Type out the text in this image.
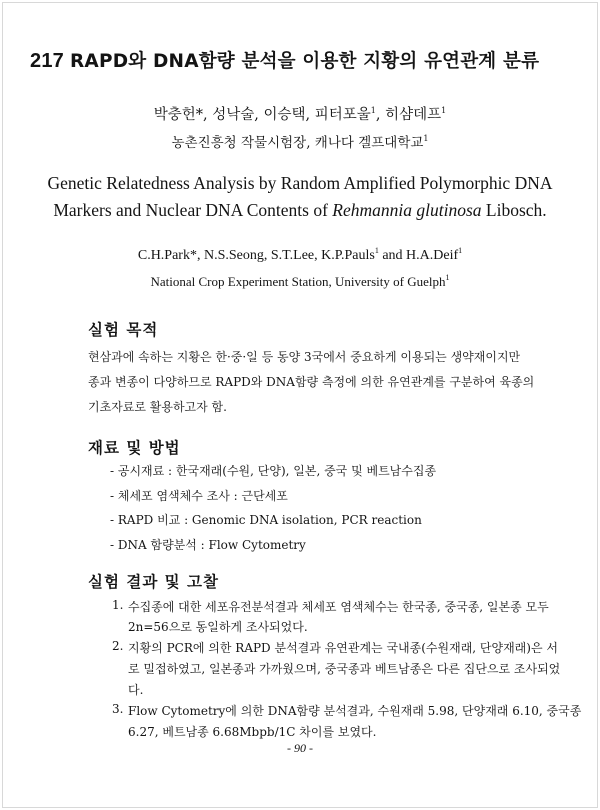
217 RAPD와 DNA함량 분석을 이용한 지황의 유연관계 분류
박충헌*, 성낙술, 이승택, 피터포울$^1$, 히샴데프$^1$
농촌진흥청 작물시험장, 캐나다 겔프대학교$^1$
Genetic Relatedness Analysis by Random Amplified Polymorphic DNA
Markers and Nuclear DNA Contents of Rehmannia glutinosa Libosch.
C.H.Park*, N.S.Seong, S.T.Lee, K.P.Pauls$^1$ and H.A.Deif$^1$
National Crop Experiment Station, University of Guelph$^1$
실험 목적
현삼과에 속하는 지황은 한·중·일 등 동양 3국에서 중요하게 이용되는 생약재이지만
종과 변종이 다양하므로 RAPD와 DNA함량 측정에 의한 유연관계를 구분하여 육종의
기초자료로 활용하고자 함.
재료 및 방법
- 공시재료 : 한국재래(수원, 단양), 일본, 중국 및 베트남수집종
- 체세포 염색체수 조사 : 근단세포
- RAPD 비교 : Genomic DNA isolation, PCR reaction
- DNA 함량분석 : Flow Cytometry
실험 결과 및 고찰
1. 수집종에 대한 세포유전분석결과 체세포 염색체수는 한국종, 중국종, 일본종 모두
2n=56으로 동일하게 조사되었다.
2. 지황의 PCR에 의한 RAPD 분석결과 유연관계는 국내종(수원재래, 단양재래)은 서
로 밀접하였고, 일본종과 가까웠으며, 중국종과 베트남종은 다른 집단으로 조사되었
다.
3. Flow Cytometry에 의한 DNA함량 분석결과, 수원재래 5.98, 단양재래 6.10, 중국종
6.27, 베트남종 6.68Mbpb/1C 차이를 보였다.
- 90 -
